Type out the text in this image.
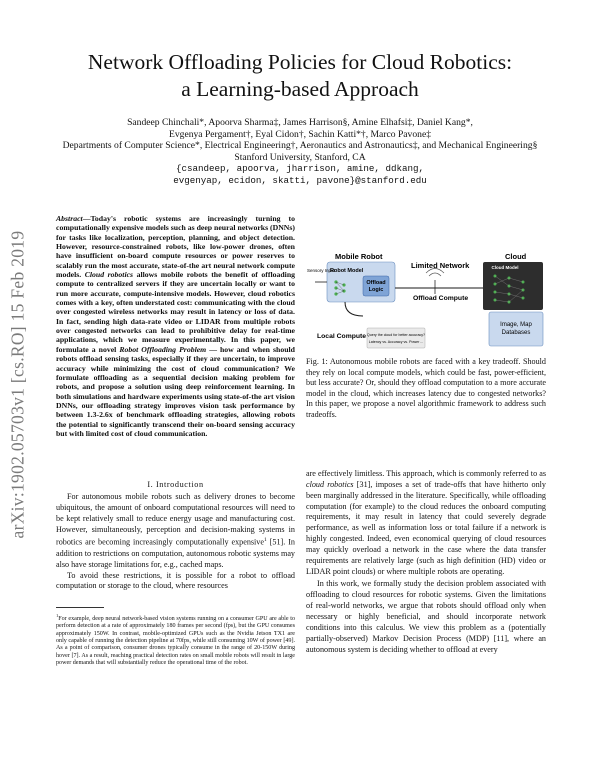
Network Offloading Policies for Cloud Robotics:
a Learning-based Approach
Sandeep Chinchali*, Apoorva Sharma‡, James Harrison§, Amine Elhafsi‡, Daniel Kang*,
Evgenya Pergament†, Eyal Cidon†, Sachin Katti*†, Marco Pavone‡
Departments of Computer Science*, Electrical Engineering†, Aeronautics and Astronautics‡, and Mechanical Engineering§
Stanford University, Stanford, CA
{csandeep, apoorva, jharrison, amine, ddkang,
evgenyap, ecidon, skatti, pavone}@stanford.edu
arXiv:1902.05703v1 [cs.RO] 15 Feb 2019
Abstract—Today's robotic systems are increasingly turning to computationally expensive models such as deep neural networks (DNNs) for tasks like localization, perception, planning, and object detection. However, resource-constrained robots, like low-power drones, often have insufficient on-board compute resources or power reserves to scalably run the most accurate, state-of-the art neural network compute models. Cloud robotics allows mobile robots the benefit of offloading compute to centralized servers if they are uncertain locally or want to run more accurate, compute-intensive models. However, cloud robotics comes with a key, often understated cost: communicating with the cloud over congested wireless networks may result in latency or loss of data. In fact, sending high data-rate video or LIDAR from multiple robots over congested networks can lead to prohibitive delay for real-time applications, which we measure experimentally. In this paper, we formulate a novel Robot Offloading Problem — how and when should robots offload sensing tasks, especially if they are uncertain, to improve accuracy while minimizing the cost of cloud communication? We formulate offloading as a sequential decision making problem for robots, and propose a solution using deep reinforcement learning. In both simulations and hardware experiments using state-of-the art vision DNNs, our offloading strategy improves vision task performance by between 1.3-2.6x of benchmark offloading strategies, allowing robots the potential to significantly transcend their on-board sensing accuracy but with limited cost of cloud communication.
I. Introduction

For autonomous mobile robots such as delivery drones to become ubiquitous, the amount of onboard computational resources will need to be kept relatively small to reduce energy usage and manufacturing cost. However, simultaneously, perception and decision-making systems in robotics are becoming increasingly computationally expensive$^1$ [51]. In addition to restrictions on computation, autonomous robotic systems may also have storage limitations for, e.g., cached maps.

To avoid these restrictions, it is possible for a robot to offload computation or storage to the cloud, where resources

$^1$For example, deep neural network-based vision systems running on a consumer GPU are able to perform detection at a rate of approximately 180 frames per second (fps), but the GPU consumes approximately 150W. In contrast, mobile-optimized GPUs such as the Nvidia Jetson TX1 are only capable of running the detection pipeline at 70fps, while still consuming 10W of power [49]. As a point of comparison, consumer drones typically consume in the range of 20-150W during hover [7]. As a result, reaching practical detection rates on small mobile robots will result in large power demands that will substantially reduce the operational time of the robot.
Mobile Robot
Limited Network
Cloud
Robot Model
Sensory Input
Offload Logic
Offload Compute
Cloud Model
Image, Map Databases
Local Compute Query the cloud for better accuracy?
Latency vs. Accuracy vs. Power ...
Fig. 1: Autonomous mobile robots are faced with a key tradeoff. Should they rely on local compute models, which could be fast, power-efficient, but less accurate? Or, should they offload computation to a more accurate model in the cloud, which increases latency due to congested networks? In this paper, we propose a novel algorithmic framework to address such tradeoffs.

are effectively limitless. This approach, which is commonly referred to as cloud robotics [31], imposes a set of trade-offs that have hitherto only been marginally addressed in the literature. Specifically, while offloading computation (for example) to the cloud reduces the onboard computing requirements, it may result in latency that could severely degrade performance, as well as information loss or total failure if a network is highly congested. Indeed, even economical querying of cloud resources may quickly overload a network in the case where the data transfer requirements are relatively large (such as high definition (HD) video or LIDAR point clouds) or where multiple robots are operating.

In this work, we formally study the decision problem associated with offloading to cloud resources for robotic systems. Given the limitations of real-world networks, we argue that robots should offload only when necessary or highly beneficial, and should incorporate network conditions into this calculus. We view this problem as a (potentially partially-observed) Markov Decision Process (MDP) [11], where an autonomous system is deciding whether to offload at every
